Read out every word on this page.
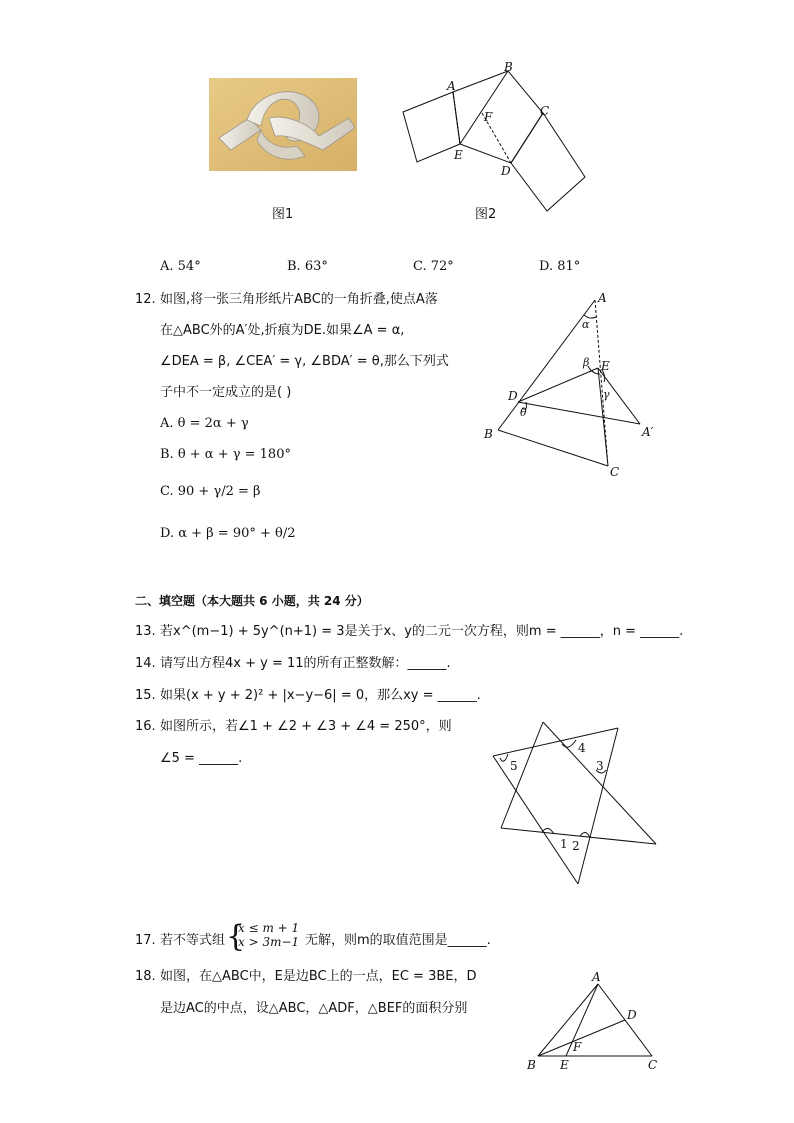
图1
A
B
C
D
E
F
图2
A. 54°	B. 63°	C. 72°	D. 81°
12. 如图,将一张三角形纸片ABC的一角折叠,使点A落
在△ABC外的A′处,折痕为DE.如果∠A = α,
∠DEA = β, ∠CEA′ = γ, ∠BDA′ = θ,那么下列式
子中不一定成立的是( )
A. θ = 2α + γ
B. θ + α + γ = 180°
C. 90 + γ/2 = β
D. α + β = 90° + θ/2
A
α
β E
γ
D
θ
A′
B
C
二、填空题（本大题共 6 小题，共 24 分）
13. 若x^(m−1) + 5y^(n+1) = 3是关于x、y的二元一次方程，则m = ______，n = ______.
14. 请写出方程4x + y = 11的所有正整数解：______.
15. 如果(x + y + 2)² + |x−y−6| = 0，那么xy = ______.
16. 如图所示，若∠1 + ∠2 + ∠3 + ∠4 = 250°，则
∠5 = ______.
1 2
3
4
5
17. 若不等式组 {
x ≤ m + 1
x > 3m−1 无解，则m的取值范围是______.
18. 如图，在△ABC中，E是边BC上的一点，EC = 3BE，D
是边AC的中点，设△ABC，△ADF，△BEF的面积分别
A
D
F
B E	C
